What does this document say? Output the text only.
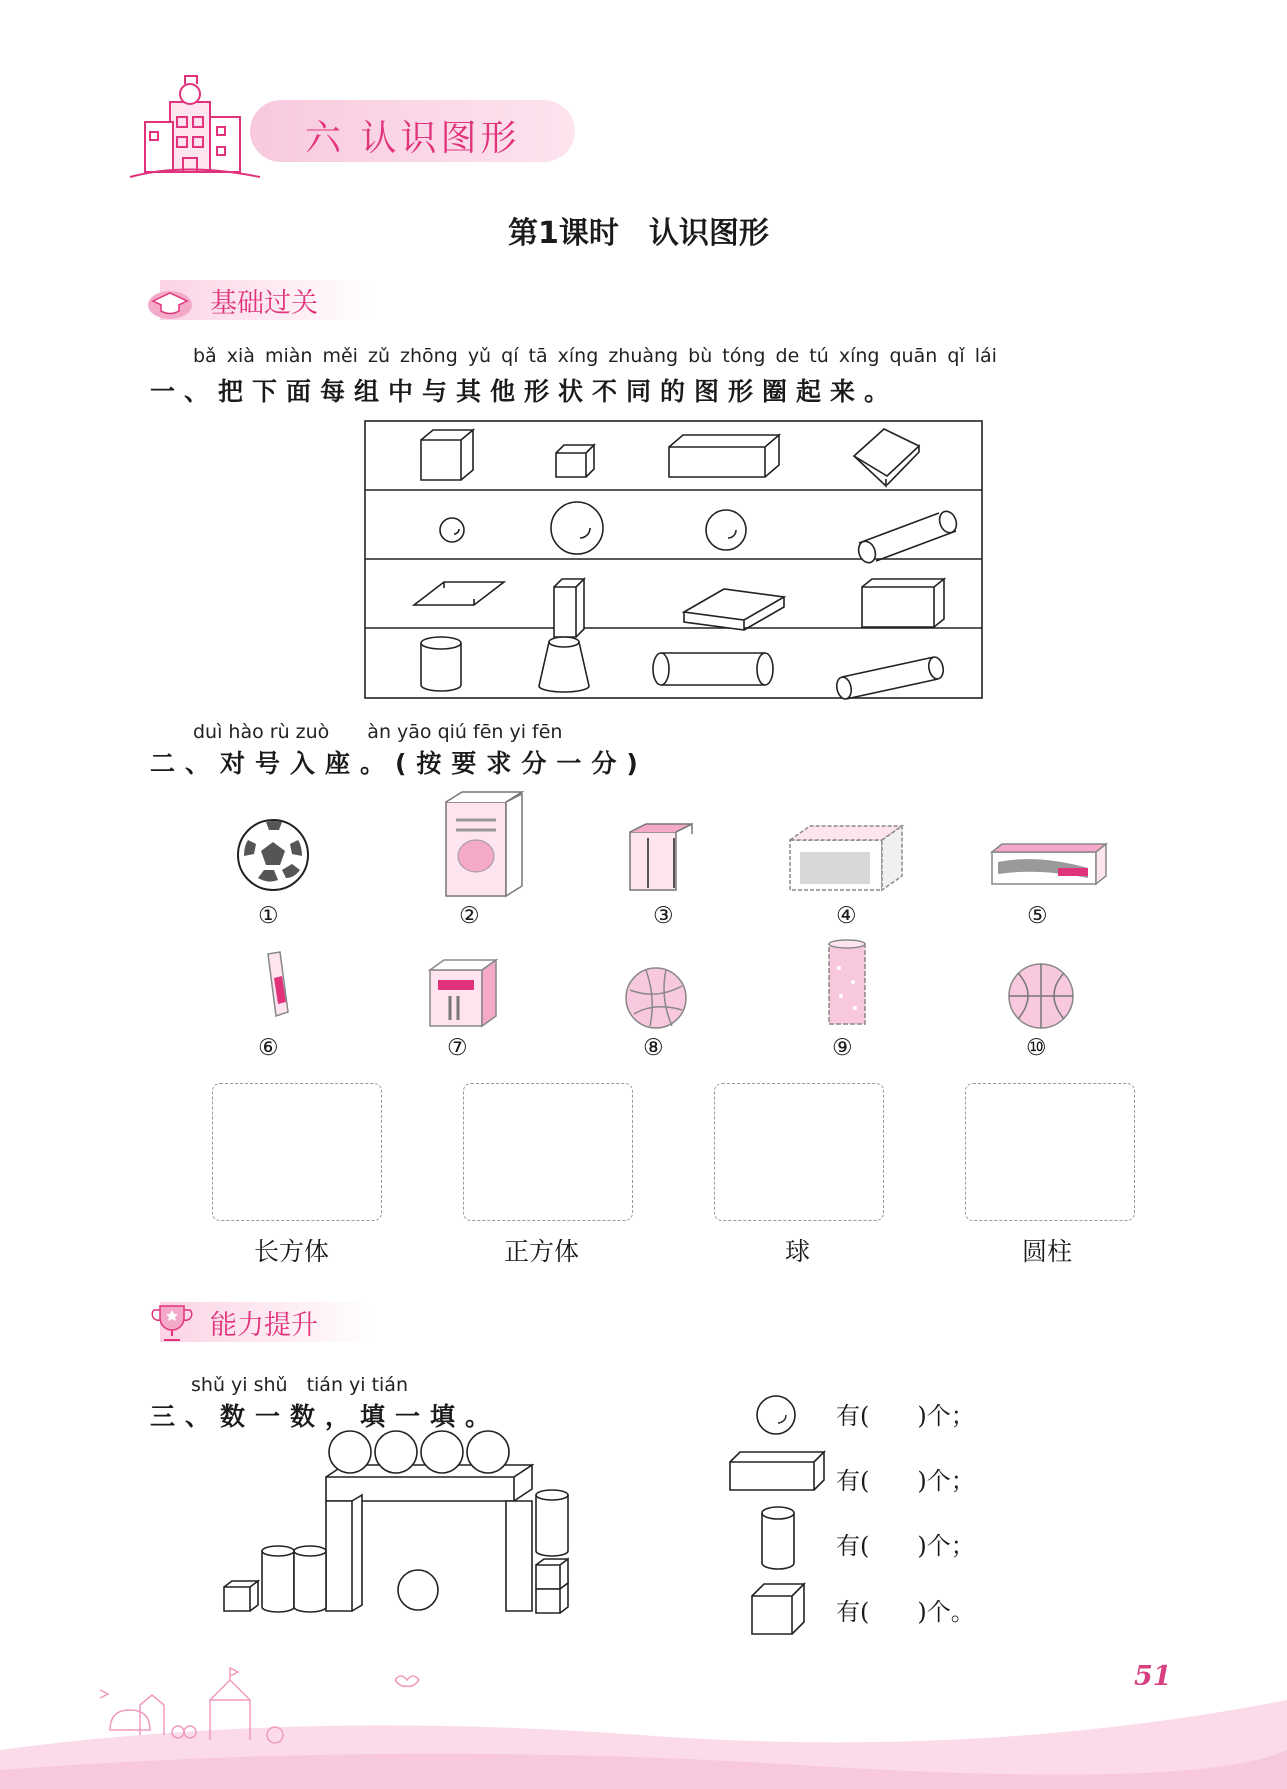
六 认识图形
第1课时　认识图形
基础过关
bǎ xià miàn měi zǔ zhōng yǔ qí tā xíng zhuàng bù tóng de tú xíng quān qǐ lái
一、把下面每组中与其他形状不同的图形圈起来。
duì hào rù zuò　　àn yāo qiú fēn yi fēn
二、对号入座。(按要求分一分)
①	②	③	④	⑤
⑥	⑦	⑧	⑨	⑩
长方体	正方体	球	圆柱
能力提升
shǔ yi shǔ　tián yi tián
三、数一数，填一填。	有(　　)个；
有(　　)个；
有(　　)个；
有(　　)个。
51
